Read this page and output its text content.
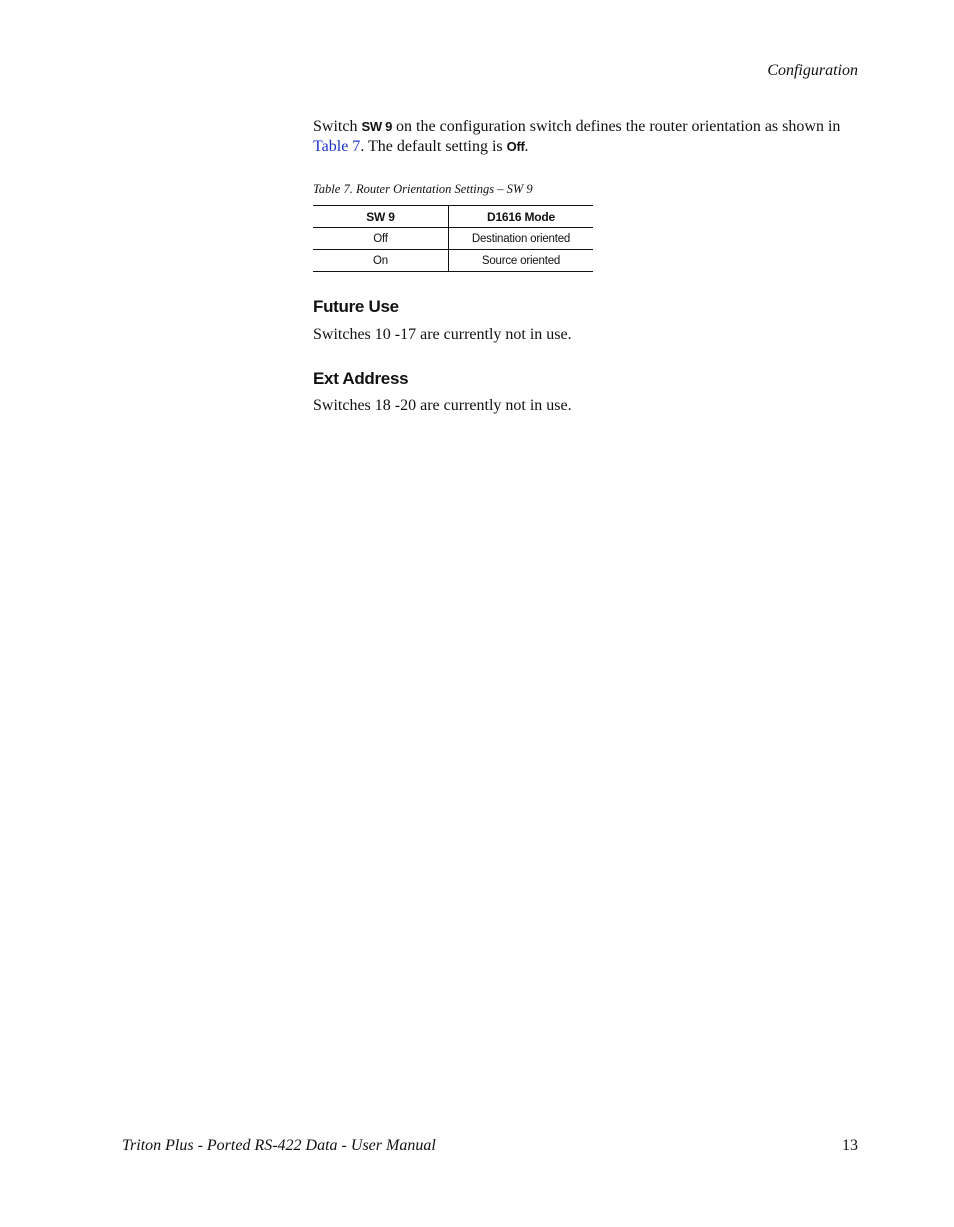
Configuration
Switch SW 9 on the configuration switch defines the router orientation as shown in Table 7. The default setting is Off.
Table 7. Router Orientation Settings – SW 9
SW 9	D1616 Mode
Off	Destination oriented
On	Source oriented
Future Use
Switches 10 -17 are currently not in use.
Ext Address
Switches 18 -20 are currently not in use.
Triton Plus - Ported RS-422 Data - User Manual	13
